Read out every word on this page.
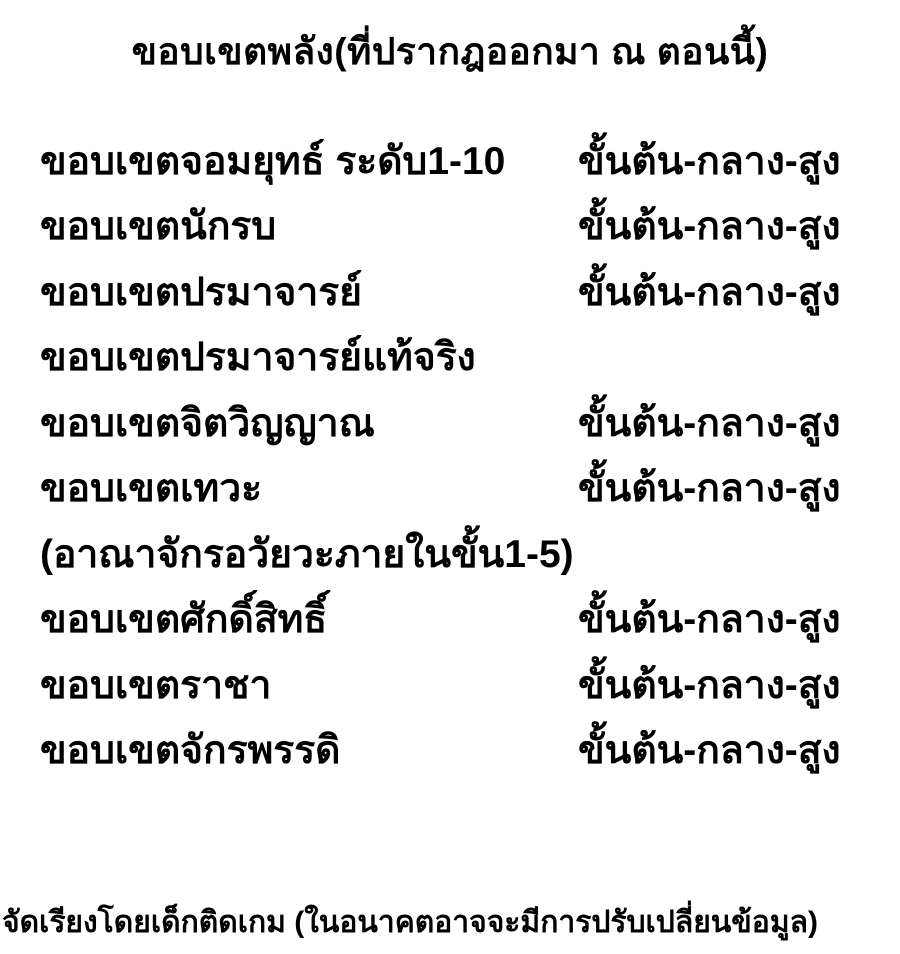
ขอบเขตพลัง(ที่ปรากฎออกมา ณ ตอนนี้)
ขอบเขตจอมยุทธ์ ระดับ1-10	ขั้นต้น-กลาง-สูง
ขอบเขตนักรบ	ขั้นต้น-กลาง-สูง
ขอบเขตปรมาจารย์	ขั้นต้น-กลาง-สูง
ขอบเขตปรมาจารย์แท้จริง
ขอบเขตจิตวิญญาณ	ขั้นต้น-กลาง-สูง
ขอบเขตเทวะ	ขั้นต้น-กลาง-สูง
(อาณาจักรอวัยวะภายในขั้น1-5)
ขอบเขตศักดิ์สิทธิ์	ขั้นต้น-กลาง-สูง
ขอบเขตราชา	ขั้นต้น-กลาง-สูง
ขอบเขตจักรพรรดิ	ขั้นต้น-กลาง-สูง
จัดเรียงโดยเด็กติดเกม (ในอนาคตอาจจะมีการปรับเปลี่ยนข้อมูล)
